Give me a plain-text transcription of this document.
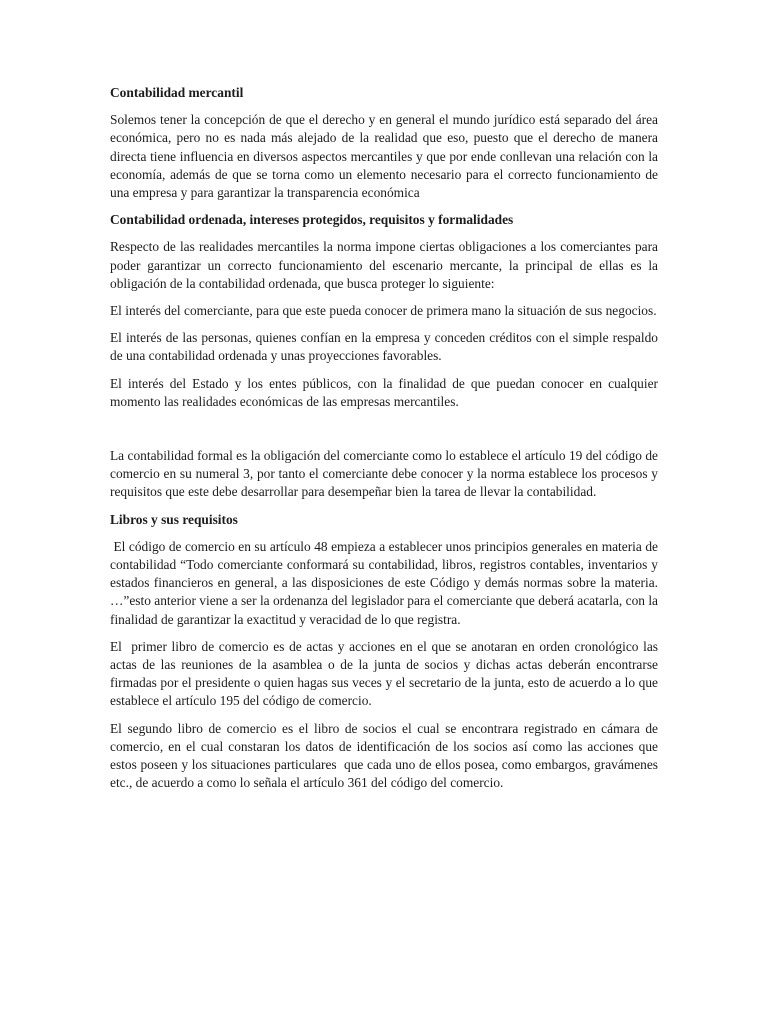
Contabilidad mercantil

Solemos tener la concepción de que el derecho y en general el mundo jurídico está separado del área económica, pero no es nada más alejado de la realidad que eso, puesto que el derecho de manera directa tiene influencia en diversos aspectos mercantiles y que por ende conllevan una relación con la economía, además de que se torna como un elemento necesario para el correcto funcionamiento de una empresa y para garantizar la transparencia económica

Contabilidad ordenada, intereses protegidos, requisitos y formalidades

Respecto de las realidades mercantiles la norma impone ciertas obligaciones a los comerciantes para poder garantizar un correcto funcionamiento del escenario mercante, la principal de ellas es la obligación de la contabilidad ordenada, que busca proteger lo siguiente:

El interés del comerciante, para que este pueda conocer de primera mano la situación de sus negocios.

El interés de las personas, quienes confían en la empresa y conceden créditos con el simple respaldo de una contabilidad ordenada y unas proyecciones favorables.

El interés del Estado y los entes públicos, con la finalidad de que puedan conocer en cualquier momento las realidades económicas de las empresas mercantiles.

La contabilidad formal es la obligación del comerciante como lo establece el artículo 19 del código de comercio en su numeral 3, por tanto el comerciante debe conocer y la norma establece los procesos y requisitos que este debe desarrollar para desempeñar bien la tarea de llevar la contabilidad.

Libros y sus requisitos

El código de comercio en su artículo 48 empieza a establecer unos principios generales en materia de contabilidad “Todo comerciante conformará su contabilidad, libros, registros contables, inventarios y estados financieros en general, a las disposiciones de este Código y demás normas sobre la materia. …”esto anterior viene a ser la ordenanza del legislador para el comerciante que deberá acatarla, con la finalidad de garantizar la exactitud y veracidad de lo que registra.

El  primer libro de comercio es de actas y acciones en el que se anotaran en orden cronológico las actas de las reuniones de la asamblea o de la junta de socios y dichas actas deberán encontrarse firmadas por el presidente o quien hagas sus veces y el secretario de la junta, esto de acuerdo a lo que establece el artículo 195 del código de comercio.

El segundo libro de comercio es el libro de socios el cual se encontrara registrado en cámara de comercio, en el cual constaran los datos de identificación de los socios así como las acciones que estos poseen y los situaciones particulares  que cada uno de ellos posea, como embargos, gravámenes etc., de acuerdo a como lo señala el artículo 361 del código del comercio.
